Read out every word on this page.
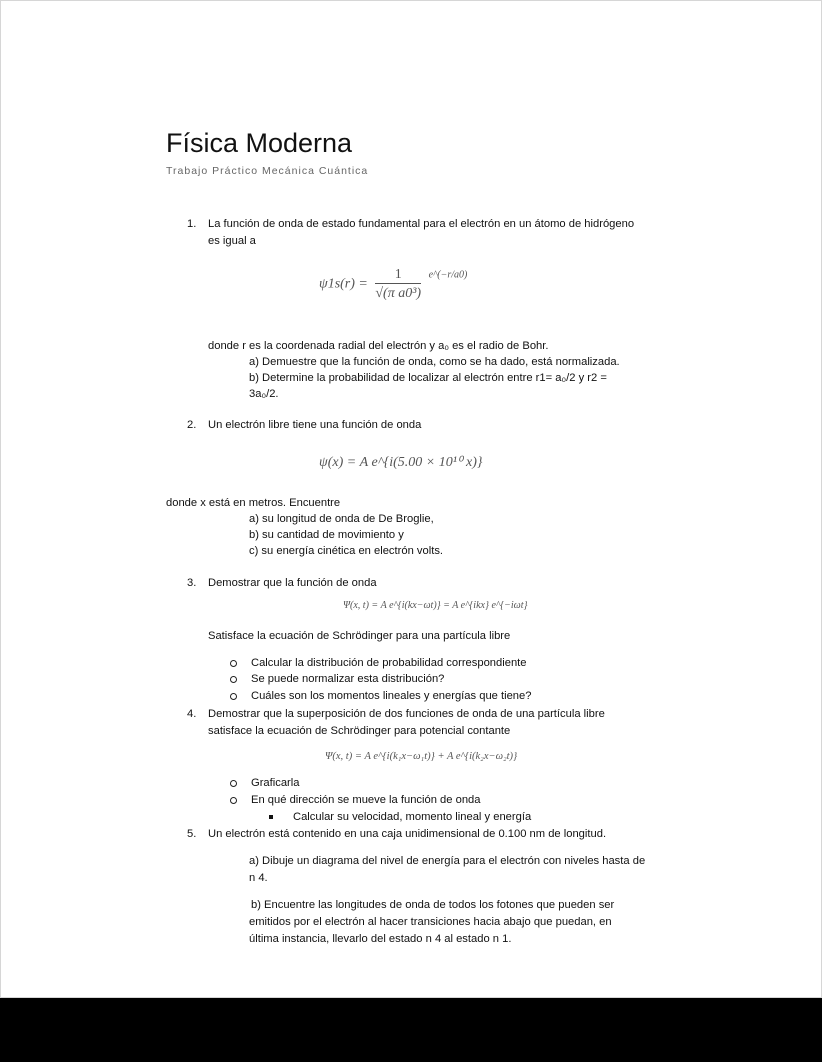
Física Moderna
Trabajo Práctico Mecánica Cuántica
1. La función de onda de estado fundamental para el electrón en un átomo de hidrógeno
es igual a
$\psi 1s(r) = \frac{1}{\text{√(π a0³)}} ^{e\^{}(-r/a0)}$
donde r es la coordenada radial del electrón y a₀ es el radio de Bohr.
a) Demuestre que la función de onda, como se ha dado, está normalizada.
b) Determine la probabilidad de localizar al electrón entre r1= a₀/2 y r2 =
3a₀/2.
2. Un electrón libre tiene una función de onda
ψ(x) = A e^{i(5.00 × 10¹⁰ x)}
donde x está en metros. Encuentre
a) su longitud de onda de De Broglie,
b) su cantidad de movimiento y
c) su energía cinética en electrón volts.
3. Demostrar que la función de onda
Ψ(x, t) = A e^{i(kx−ωt)} = A e^{ikx} e^{−iωt}
Satisface la ecuación de Schrödinger para una partícula libre
Calcular la distribución de probabilidad correspondiente
Se puede normalizar esta distribución?
Cuáles son los momentos lineales y energías que tiene?
4. Demostrar que la superposición de dos funciones de onda de una partícula libre
satisface la ecuación de Schrödinger para potencial contante
Ψ(x, t) = A e^{i(k₁x−ω₁t)} + A e^{i(k₂x−ω₂t)}
Graficarla
En qué dirección se mueve la función de onda
Calcular su velocidad, momento lineal y energía
5. Un electrón está contenido en una caja unidimensional de 0.100 nm de longitud.
a) Dibuje un diagrama del nivel de energía para el electrón con niveles hasta de
n 4.
b) Encuentre las longitudes de onda de todos los fotones que pueden ser
emitidos por el electrón al hacer transiciones hacia abajo que puedan, en
última instancia, llevarlo del estado n 4 al estado n 1.
